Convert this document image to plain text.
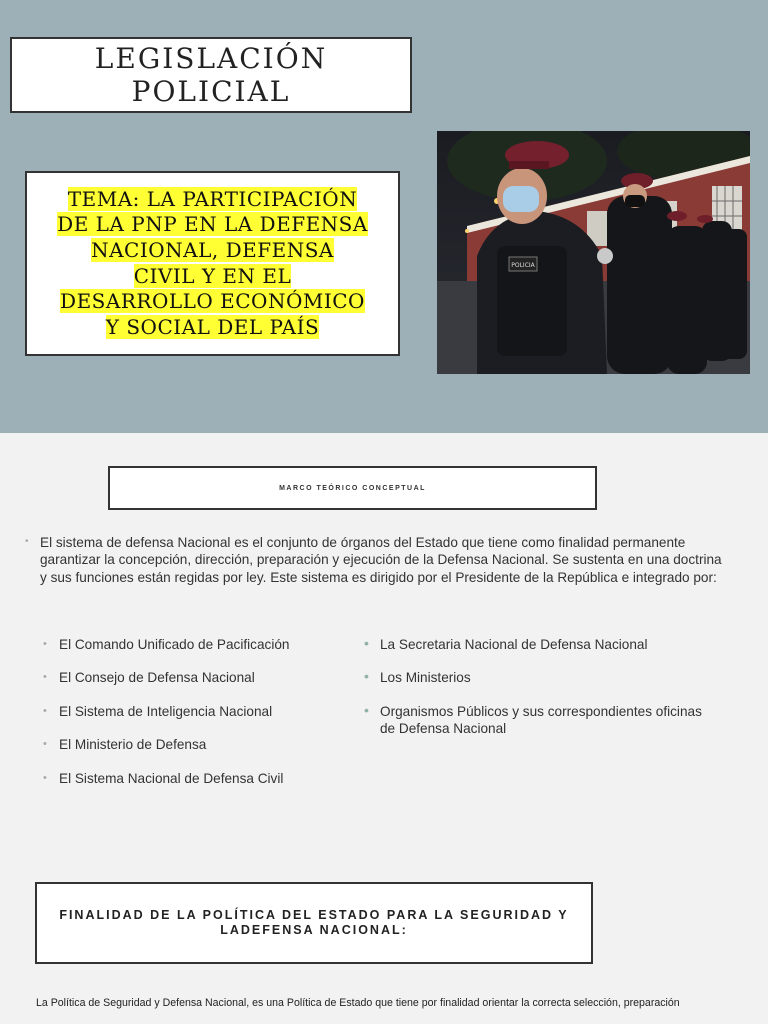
LEGISLACIÓN
POLICIAL
TEMA: LA PARTICIPACIÓN
DE LA PNP EN LA DEFENSA
NACIONAL, DEFENSA
CIVIL Y EN EL
DESARROLLO ECONÓMICO
Y SOCIAL DEL PAÍS
POLICIA
MARCO TEÓRICO CONCEPTUAL
• El sistema de defensa Nacional es el conjunto de órganos del Estado que tiene como finalidad permanente garantizar la concepción, dirección, preparación y ejecución de la Defensa Nacional. Se sustenta en una doctrina y sus funciones están regidas por ley. Este sistema es dirigido por el Presidente de la República e integrado por:
• El Comando Unificado de Pacificación
• El Consejo de Defensa Nacional
• El Sistema de Inteligencia Nacional
• El Ministerio de Defensa
• El Sistema Nacional de Defensa Civil
• La Secretaria Nacional de Defensa Nacional
• Los Ministerios
• Organismos Públicos y sus correspondientes oficinas de Defensa Nacional
FINALIDAD DE LA POLÍTICA DEL ESTADO PARA LA SEGURIDAD Y LADEFENSA NACIONAL:
La Política de Seguridad y Defensa Nacional, es una Política de Estado que tiene por finalidad orientar la correcta selección, preparación
